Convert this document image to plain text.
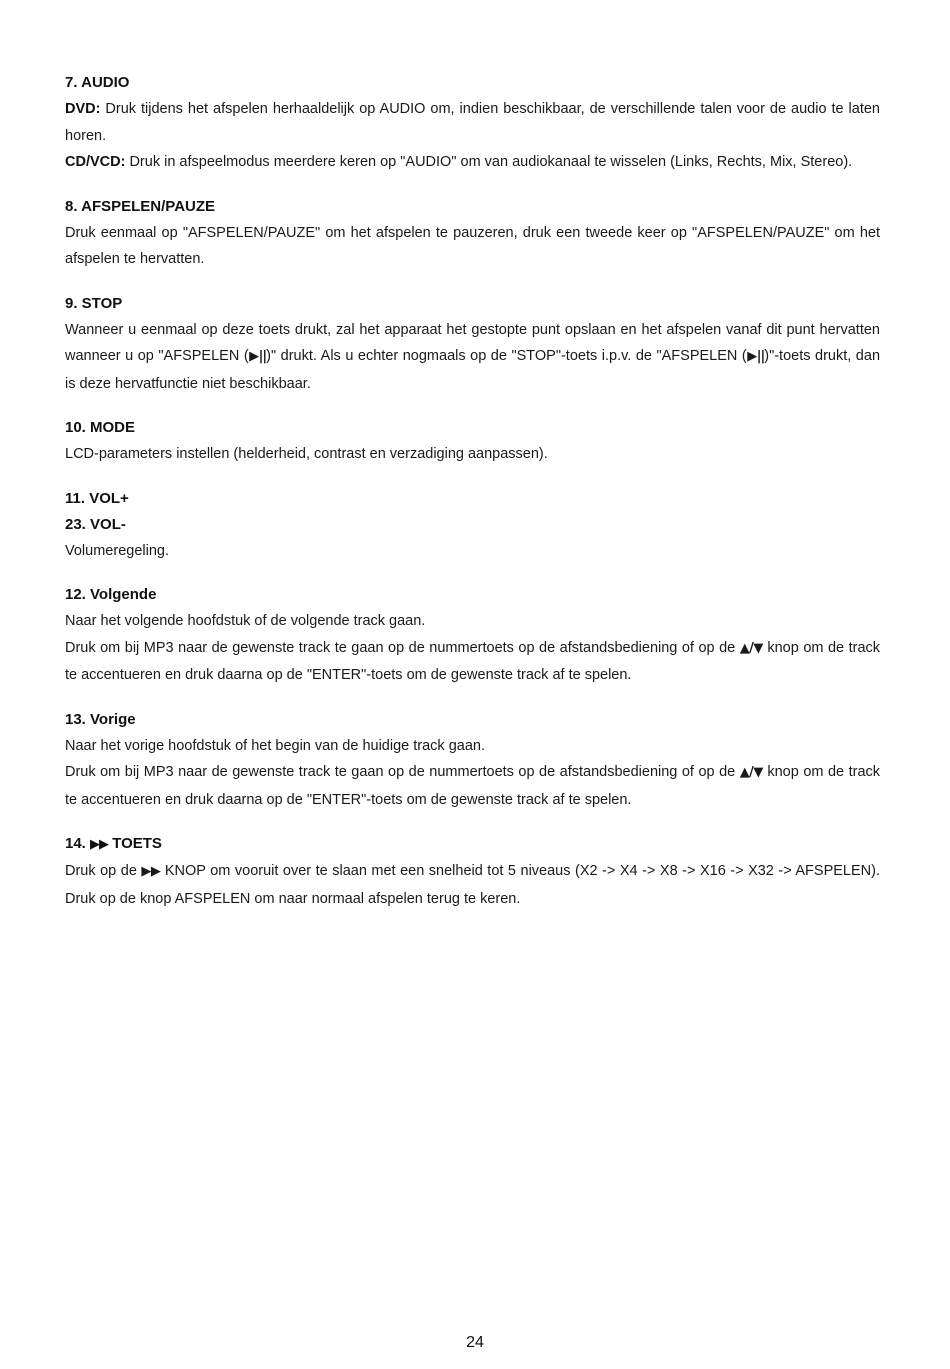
7. AUDIO

DVD: Druk tijdens het afspelen herhaaldelijk op AUDIO om, indien beschikbaar, de verschillende talen voor de audio te laten horen.

CD/VCD: Druk in afspeelmodus meerdere keren op "AUDIO" om van audiokanaal te wisselen (Links, Rechts, Mix, Stereo).

8. AFSPELEN/PAUZE

Druk eenmaal op "AFSPELEN/PAUZE" om het afspelen te pauzeren, druk een tweede keer op "AFSPELEN/PAUZE" om het afspelen te hervatten.

9. STOP

Wanneer u eenmaal op deze toets drukt, zal het apparaat het gestopte punt opslaan en het afspelen vanaf dit punt hervatten wanneer u op "AFSPELEN (▶||)" drukt. Als u echter nogmaals op de "STOP"-toets i.p.v. de "AFSPELEN (▶||)"-toets drukt, dan is deze hervatfunctie niet beschikbaar.

10. MODE

LCD-parameters instellen (helderheid, contrast en verzadiging aanpassen).

11. VOL+
23. VOL-

Volumeregeling.

12. Volgende

Naar het volgende hoofdstuk of de volgende track gaan.

Druk om bij MP3 naar de gewenste track te gaan op de nummertoets op de afstandsbediening of op de ▲/▼ knop om de track te accentueren en druk daarna op de "ENTER"-toets om de gewenste track af te spelen.

13. Vorige

Naar het vorige hoofdstuk of het begin van de huidige track gaan.

Druk om bij MP3 naar de gewenste track te gaan op de nummertoets op de afstandsbediening of op de ▲/▼ knop om de track te accentueren en druk daarna op de "ENTER"-toets om de gewenste track af te spelen.

14. ▶▶ TOETS

Druk op de ▶▶ KNOP om vooruit over te slaan met een snelheid tot 5 niveaus (X2 -> X4 -> X8 -> X16 -> X32 -> AFSPELEN). Druk op de knop AFSPELEN om naar normaal afspelen terug te keren.

24
